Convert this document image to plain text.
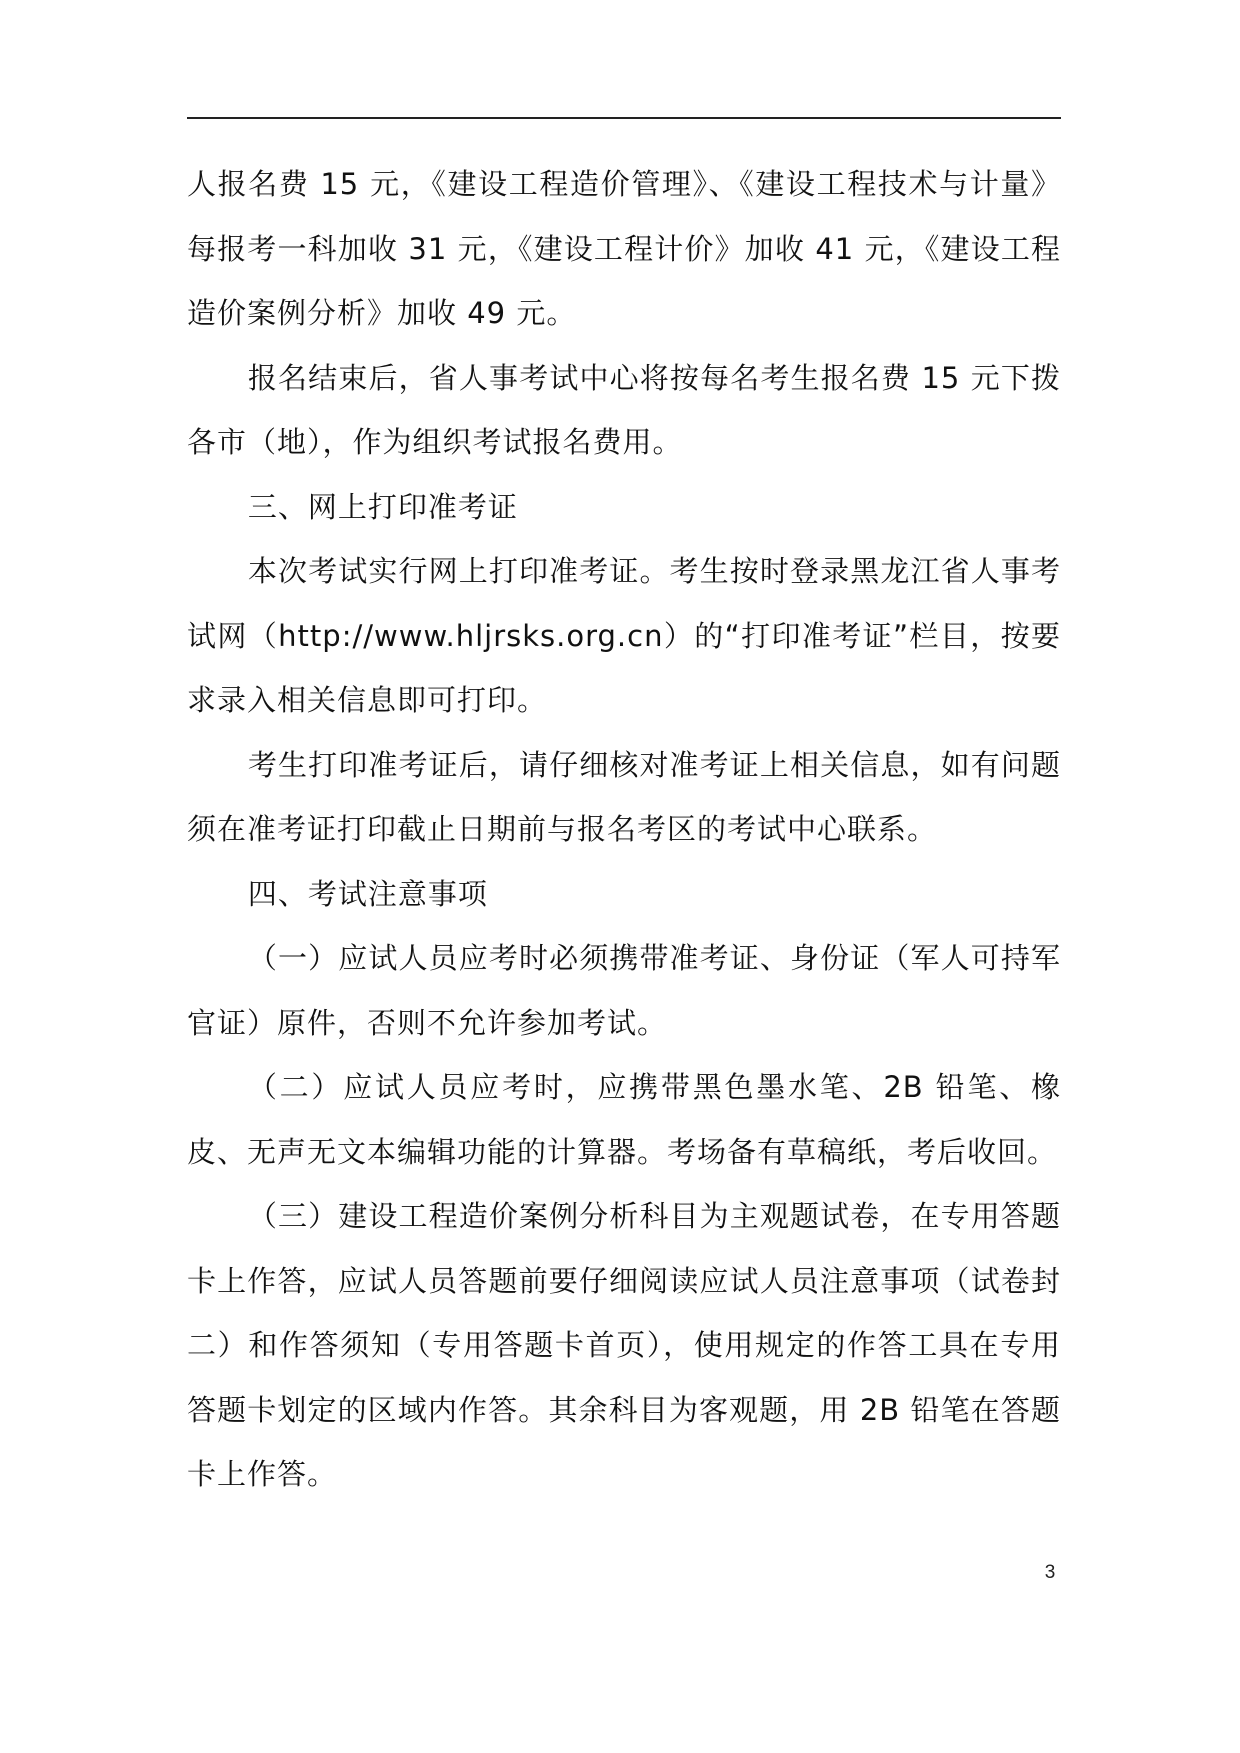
人报名费 15 元，《建设工程造价管理》、《建设工程技术与计量》每报考一科加收 31 元，《建设工程计价》加收 41 元，《建设工程造价案例分析》加收 49 元。

报名结束后，省人事考试中心将按每名考生报名费 15 元下拨各市（地），作为组织考试报名费用。

三、网上打印准考证

本次考试实行网上打印准考证。考生按时登录黑龙江省人事考试网（http://www.hljrsks.org.cn）的“打印准考证”栏目，按要求录入相关信息即可打印。

考生打印准考证后，请仔细核对准考证上相关信息，如有问题须在准考证打印截止日期前与报名考区的考试中心联系。

四、考试注意事项

（一）应试人员应考时必须携带准考证、身份证（军人可持军官证）原件，否则不允许参加考试。

（二）应试人员应考时，应携带黑色墨水笔、2B 铅笔、橡皮、无声无文本编辑功能的计算器。考场备有草稿纸，考后收回。

（三）建设工程造价案例分析科目为主观题试卷，在专用答题卡上作答，应试人员答题前要仔细阅读应试人员注意事项（试卷封二）和作答须知（专用答题卡首页），使用规定的作答工具在专用答题卡划定的区域内作答。其余科目为客观题，用 2B 铅笔在答题卡上作答。

3
